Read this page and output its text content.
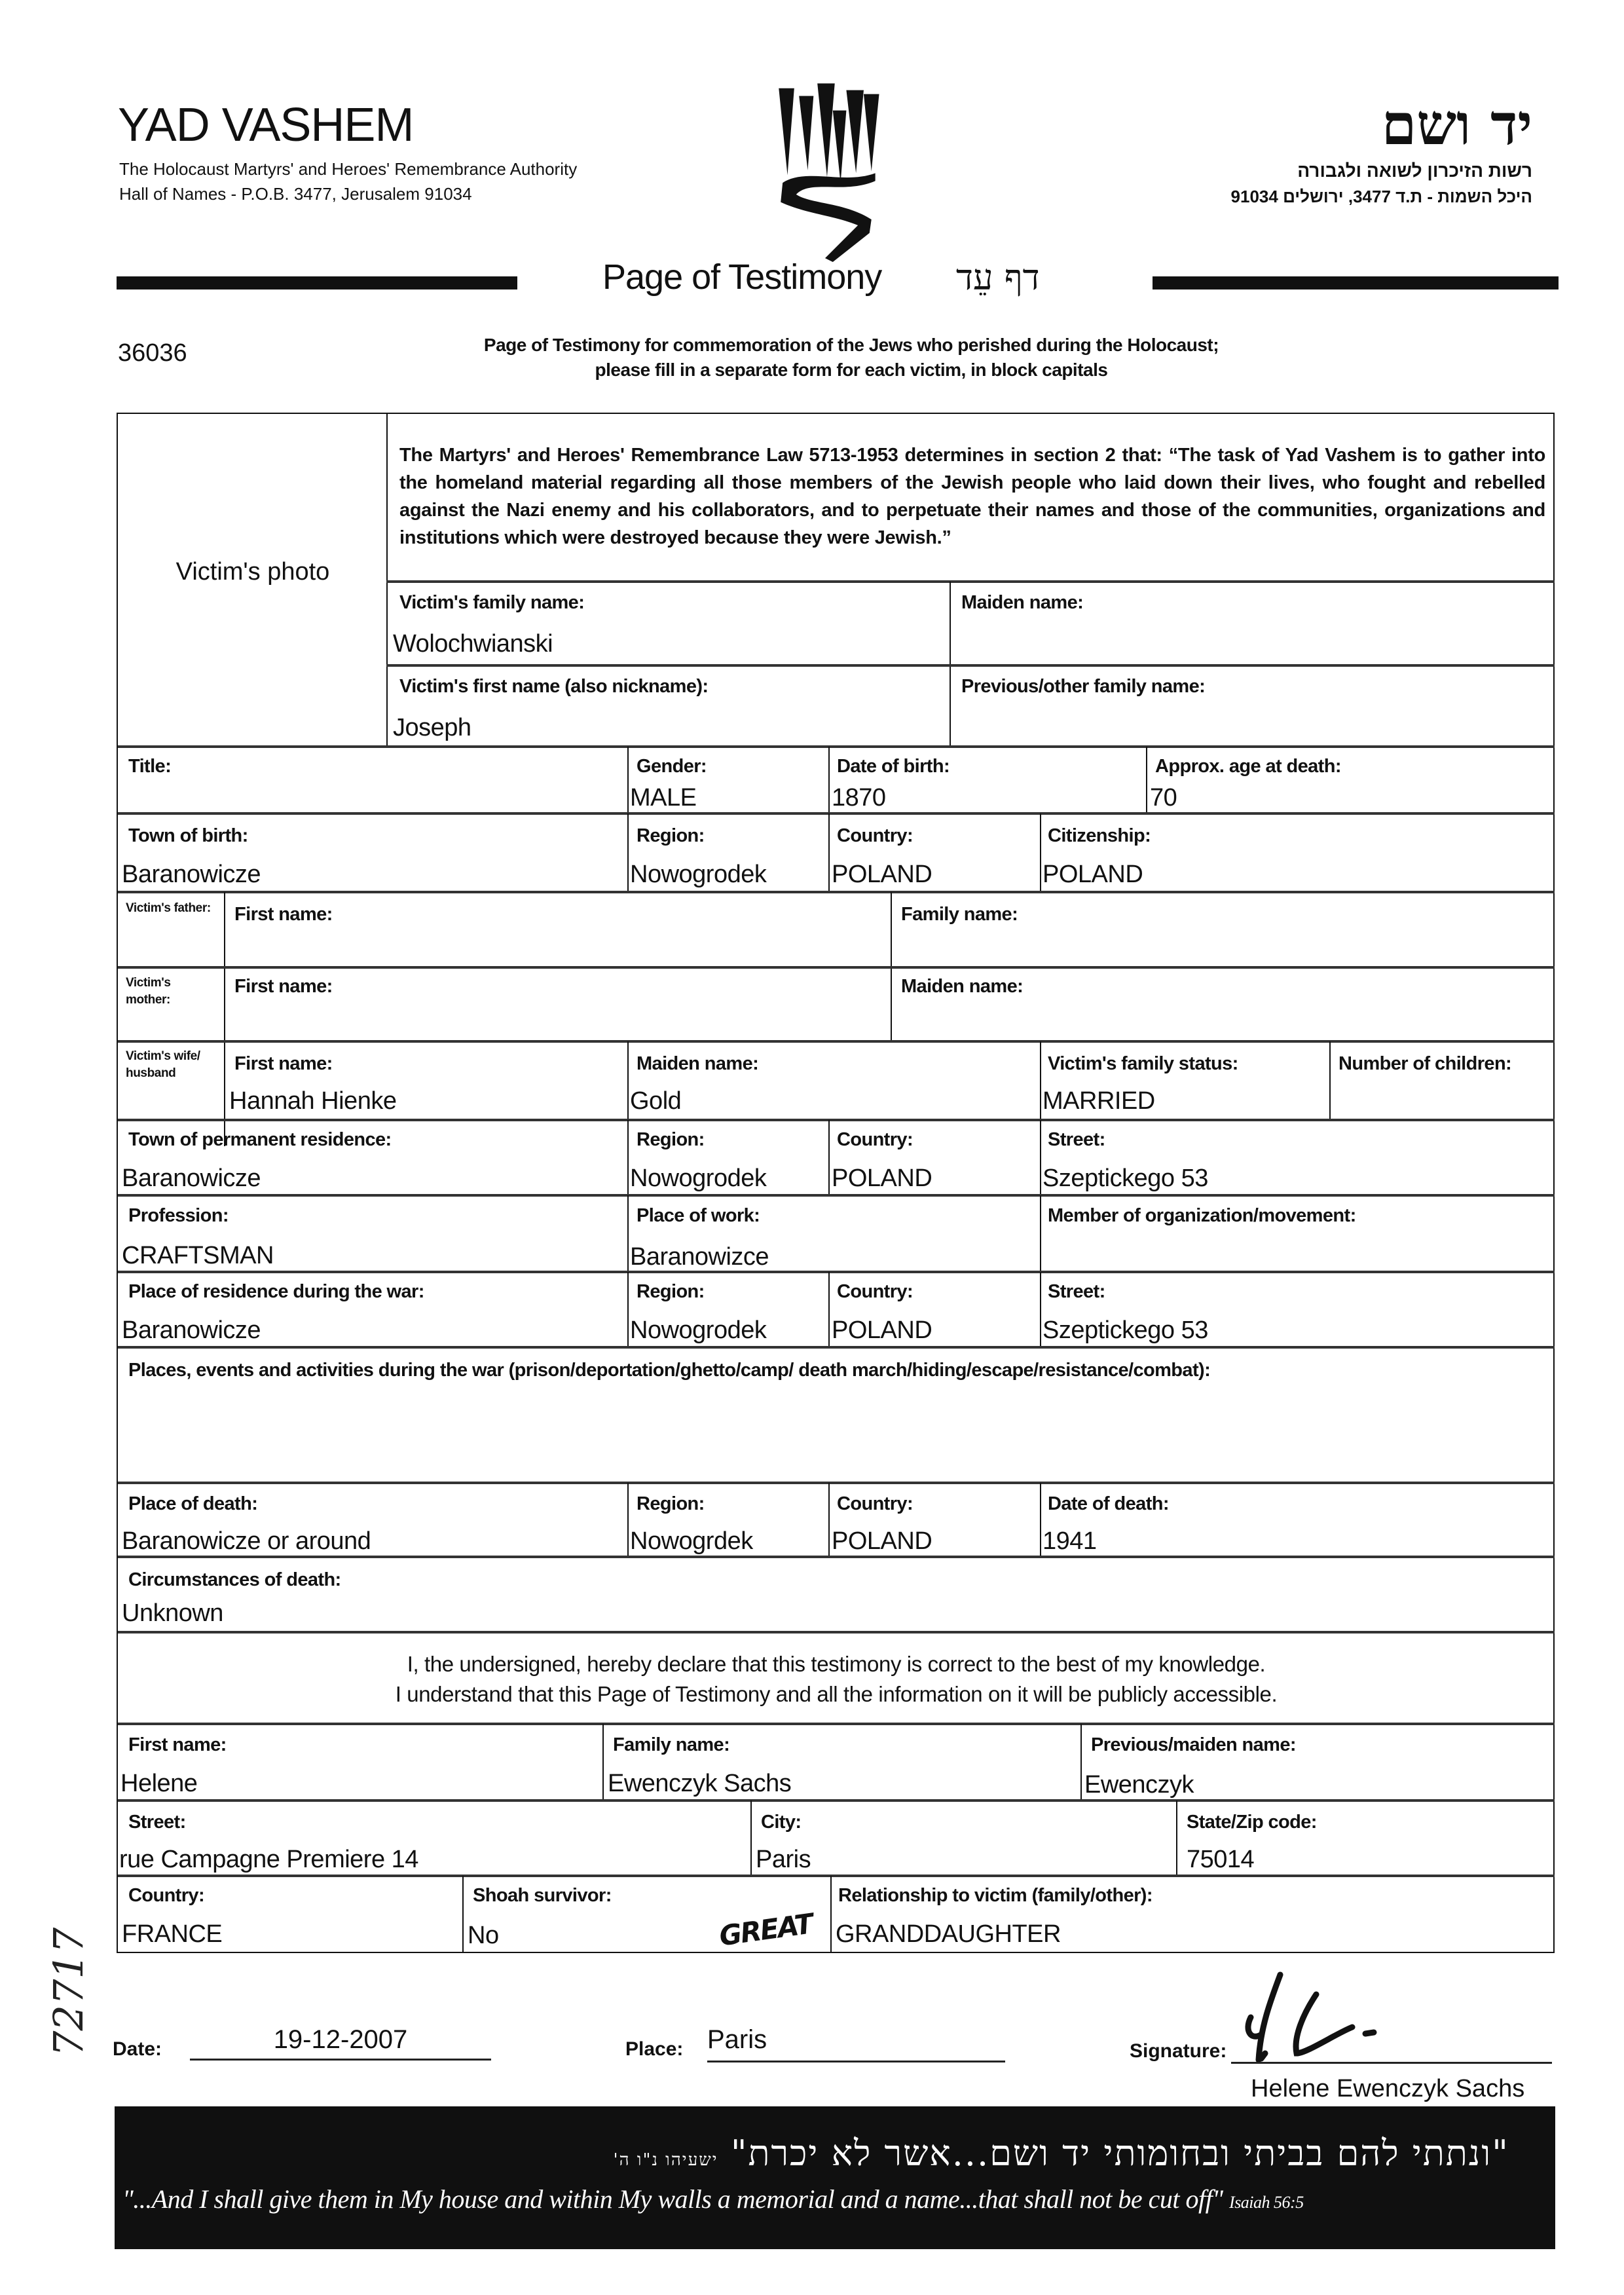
YAD VASHEM
The Holocaust Martyrs' and Heroes' Remembrance Authority
Hall of Names - P.O.B. 3477, Jerusalem 91034
יד ושם
רשות הזיכרון לשואה ולגבורה
היכל השמות - ת.ד 3477, ירושלים 91034
Page of Testimony דף עֵד
36036	Page of Testimony for commemoration of the Jews who perished during the Holocaust;
please fill in a separate form for each victim, in block capitals
Victim's photo
The Martyrs' and Heroes' Remembrance Law 5713-1953 determines in section 2 that: “The task of Yad Vashem is to gather into the homeland material regarding all those members of the Jewish people who laid down their lives, who fought and rebelled against the Nazi enemy and his collaborators, and to perpetuate their names and those of the communities, organizations and institutions which were destroyed because they were Jewish.”
Victim's family name:
Wolochwianski
Maiden name:
Victim's first name (also nickname):
Joseph
Previous/other family name:
Title:	Gender:
MALE
Date of birth:
1870
Approx. age at death:
70
Town of birth:
Baranowicze
Region:
Nowogrodek
Country:
POLAND
Citizenship:
POLAND
Victim's father:	First name:	Family name:
Victim's mother:
First name:	Maiden name:
Victim's wife/ husband	First name:
Hannah Hienke
Maiden name:
Gold
Victim's family status:
MARRIED
Number of children:
Town of permanent residence:
Baranowicze
Region:
Nowogrodek
Country:
POLAND
Street:
Szeptickego 53
Profession:
CRAFTSMAN
Place of work:
Baranowizce
Member of organization/movement:
Place of residence during the war:
Baranowicze
Region:
Nowogrodek
Country:
POLAND
Street:
Szeptickego 53
Places, events and activities during the war (prison/deportation/ghetto/camp/ death march/hiding/escape/resistance/combat):
Place of death:
Baranowicze or around
Region:
Nowogrdek
Country:
POLAND
Date of death:
1941
Circumstances of death:
Unknown
I, the undersigned, hereby declare that this testimony is correct to the best of my knowledge.
I understand that this Page of Testimony and all the information on it will be publicly accessible.
First name:
Helene
Family name:
Ewenczyk Sachs
Previous/maiden name:
Ewenczyk
Street:
rue Campagne Premiere 14
City:
Paris
State/Zip code:
75014
Country:
FRANCE
Shoah survivor:
No
Relationship to victim (family/other):
GREAT GRANDDAUGHTER
72717 Date:	19-12-2007	Place: Paris	Signature:
Helene Ewenczyk Sachs
"ונתתי להם בביתי ובחומותי יד ושם...אשר לא יכרת" ישעיהו נ"ו ה'
"...And I shall give them in My house and within My walls a memorial and a name...that shall not be cut off" Isaiah 56:5
